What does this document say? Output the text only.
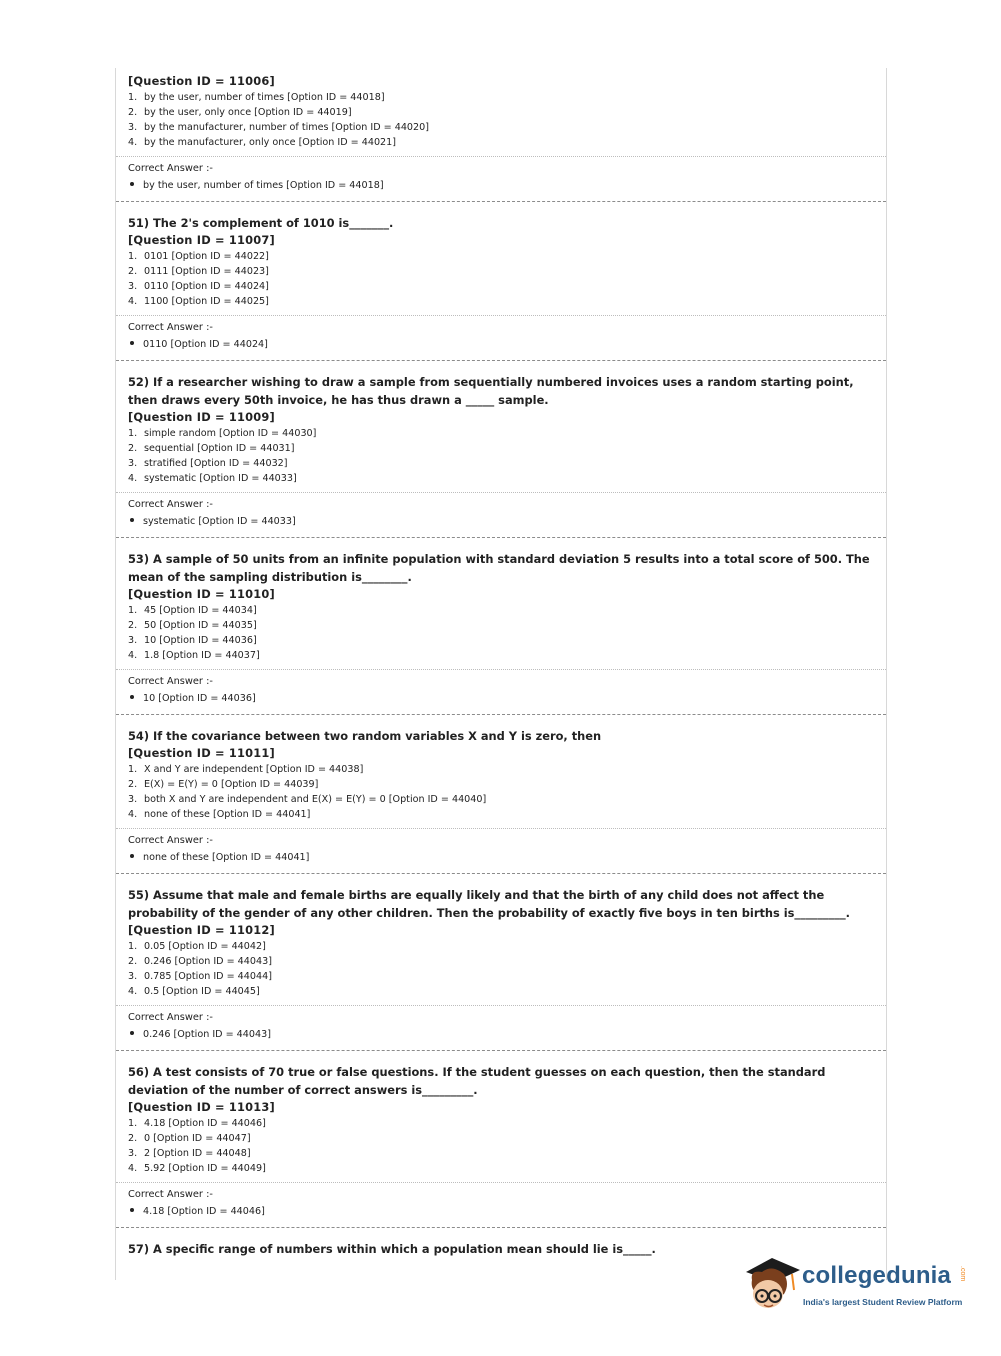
[Question ID = 11006]

1. by the user, number of times [Option ID = 44018]
2. by the user, only once [Option ID = 44019]
3. by the manufacturer, number of times [Option ID = 44020]
4. by the manufacturer, only once [Option ID = 44021]

Correct Answer :-

by the user, number of times [Option ID = 44018]

51) The 2's complement of 1010 is_______.

[Question ID = 11007]

1. 0101 [Option ID = 44022]
2. 0111 [Option ID = 44023]
3. 0110 [Option ID = 44024]
4. 1100 [Option ID = 44025]

Correct Answer :-

0110 [Option ID = 44024]

52) If a researcher wishing to draw a sample from sequentially numbered invoices uses a random starting point, then draws every 50th invoice, he has thus drawn a _____ sample.

[Question ID = 11009]

1. simple random [Option ID = 44030]
2. sequential [Option ID = 44031]
3. stratified [Option ID = 44032]
4. systematic [Option ID = 44033]

Correct Answer :-

systematic [Option ID = 44033]

53) A sample of 50 units from an infinite population with standard deviation 5 results into a total score of 500. The mean of the sampling distribution is________.

[Question ID = 11010]

1. 45 [Option ID = 44034]
2. 50 [Option ID = 44035]
3. 10 [Option ID = 44036]
4. 1.8 [Option ID = 44037]

Correct Answer :-

10 [Option ID = 44036]

54) If the covariance between two random variables X and Y is zero, then

[Question ID = 11011]

1. X and Y are independent [Option ID = 44038]
2. E(X) = E(Y) = 0 [Option ID = 44039]
3. both X and Y are independent and E(X) = E(Y) = 0 [Option ID = 44040]
4. none of these [Option ID = 44041]

Correct Answer :-

none of these [Option ID = 44041]

55) Assume that male and female births are equally likely and that the birth of any child does not affect the probability of the gender of any other children. Then the probability of exactly five boys in ten births is_________.

[Question ID = 11012]

1. 0.05 [Option ID = 44042]
2. 0.246 [Option ID = 44043]
3. 0.785 [Option ID = 44044]
4. 0.5 [Option ID = 44045]

Correct Answer :-

0.246 [Option ID = 44043]

56) A test consists of 70 true or false questions. If the student guesses on each question, then the standard deviation of the number of correct answers is_________.

[Question ID = 11013]

1. 4.18 [Option ID = 44046]
2. 0 [Option ID = 44047]
3. 2 [Option ID = 44048]
4. 5.92 [Option ID = 44049]

Correct Answer :-

4.18 [Option ID = 44046]

57) A specific range of numbers within which a population mean should lie is_____.

collegedunia .com
India's largest Student Review Platform
